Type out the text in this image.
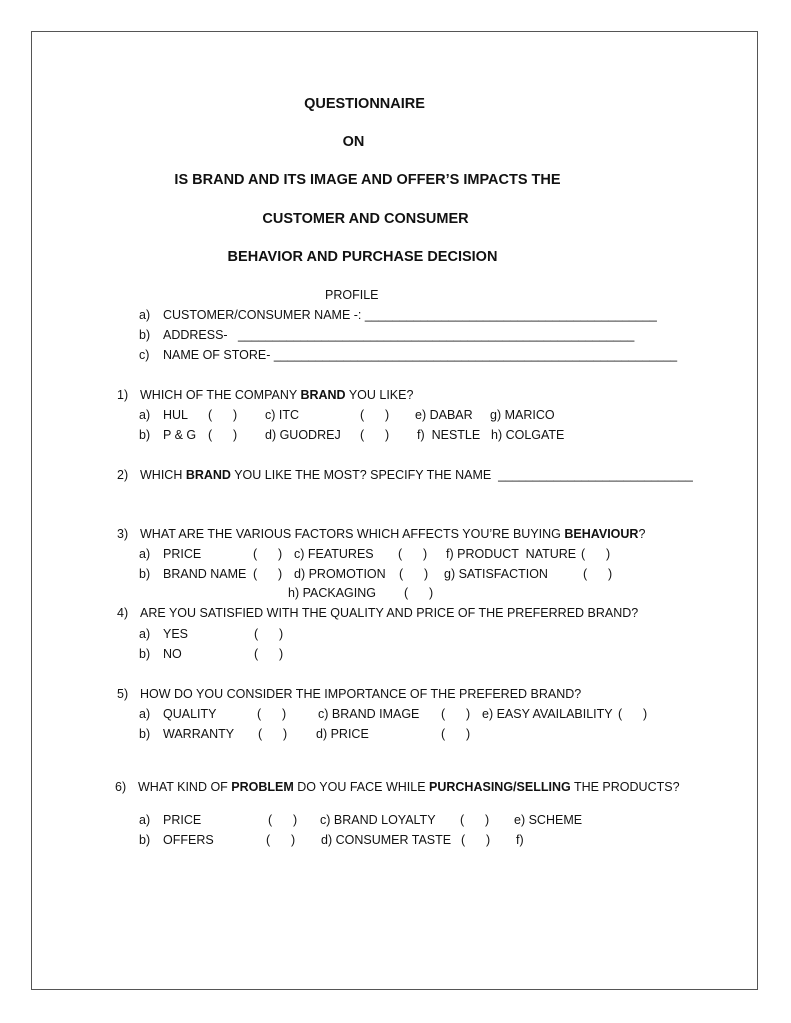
QUESTIONNAIRE
ON
IS BRAND AND ITS IMAGE AND OFFER’S IMPACTS THE
CUSTOMER AND CONSUMER
BEHAVIOR AND PURCHASE DECISION
PROFILE
a) CUSTOMER/CONSUMER NAME -: __________________________________________
b) ADDRESS-   _________________________________________________________
c) NAME OF STORE- __________________________________________________________
1) WHICH OF THE COMPANY BRAND YOU LIKE?
a) HUL (      ) c) ITC	(      ) e) DABAR g) MARICO
b) P & G (      ) d) GUODREJ (      ) f)  NESTLE h) COLGATE
2) WHICH BRAND YOU LIKE THE MOST? SPECIFY THE NAME  ____________________________
3) WHAT ARE THE VARIOUS FACTORS WHICH AFFECTS YOU’RE BUYING BEHAVIOUR?
a) PRICE	(      ) c) FEATURES (      ) f) PRODUCT  NATURE (      )
b) BRAND NAME (      ) d) PROMOTION (      ) g) SATISFACTION	(      )
h) PACKAGING (      )
4) ARE YOU SATISFIED WITH THE QUALITY AND PRICE OF THE PREFERRED BRAND?
a) YES	(      )
b) NO	(      )
5) HOW DO YOU CONSIDER THE IMPORTANCE OF THE PREFERED BRAND?
a) QUALITY	(      )	c) BRAND IMAGE (      ) e) EASY AVAILABILITY (      )
b) WARRANTY (      ) d) PRICE	(      )
6) WHAT KIND OF PROBLEM DO YOU FACE WHILE PURCHASING/SELLING THE PRODUCTS?
a) PRICE	(      ) c) BRAND LOYALTY (      ) e) SCHEME
b) OFFERS	(      ) d) CONSUMER TASTE (      ) f)
